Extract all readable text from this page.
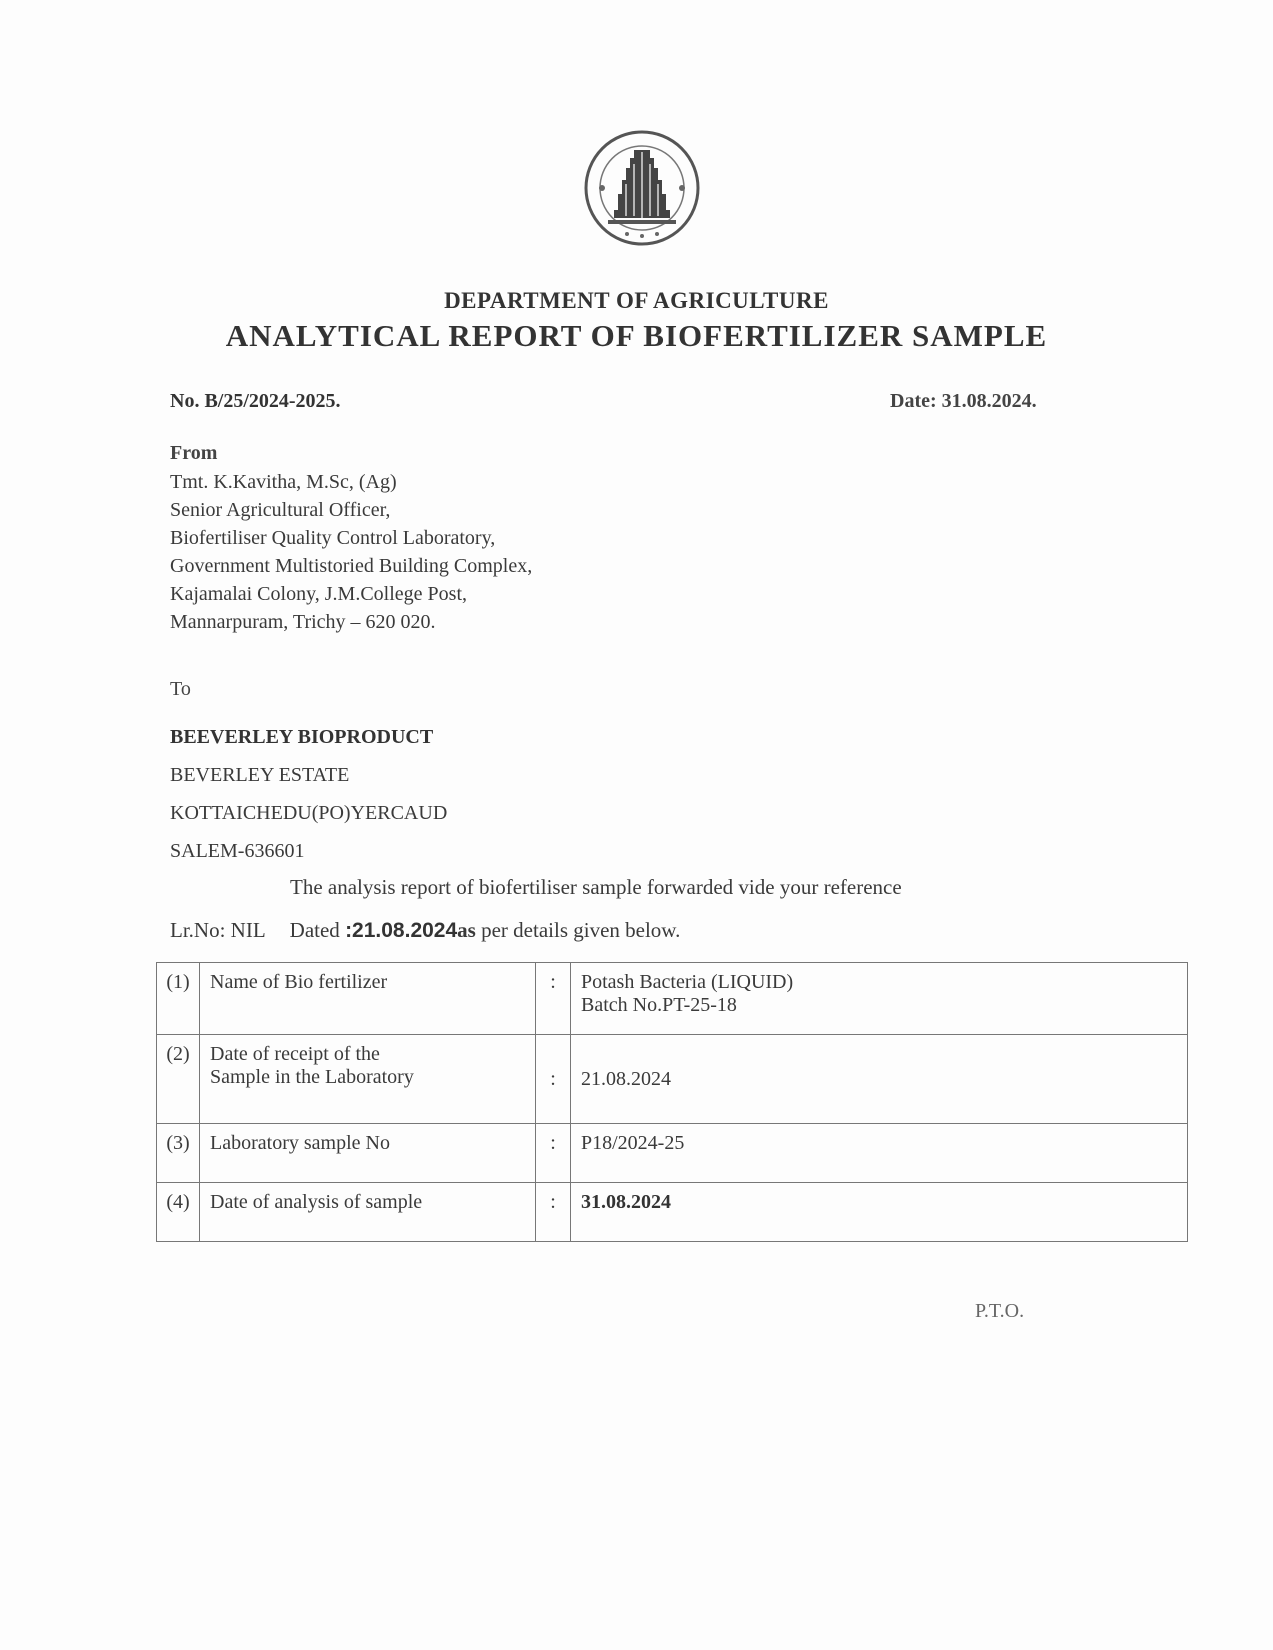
DEPARTMENT OF AGRICULTURE
ANALYTICAL REPORT OF BIOFERTILIZER SAMPLE
No. B/25/2024-2025.	Date: 31.08.2024.
From
Tmt. K.Kavitha, M.Sc, (Ag)
Senior Agricultural Officer,
Biofertiliser Quality Control Laboratory,
Government Multistoried Building Complex,
Kajamalai Colony, J.M.College Post,
Mannarpuram, Trichy – 620 020.
To
BEEVERLEY BIOPRODUCT
BEVERLEY ESTATE
KOTTAICHEDU(PO)YERCAUD
SALEM-636601
The analysis report of biofertiliser sample forwarded vide your reference
Lr.No: NIL Dated :21.08.2024as per details given below.
(1)	Name of Bio fertilizer	:	Potash Bacteria (LIQUID)
Batch No.PT-25-18

(2)	Date of receipt of the
Sample in the Laboratory	:	21.08.2024
(3)	Laboratory sample No	:	P18/2024-25
(4)	Date of analysis of sample	:	31.08.2024
P.T.O.
